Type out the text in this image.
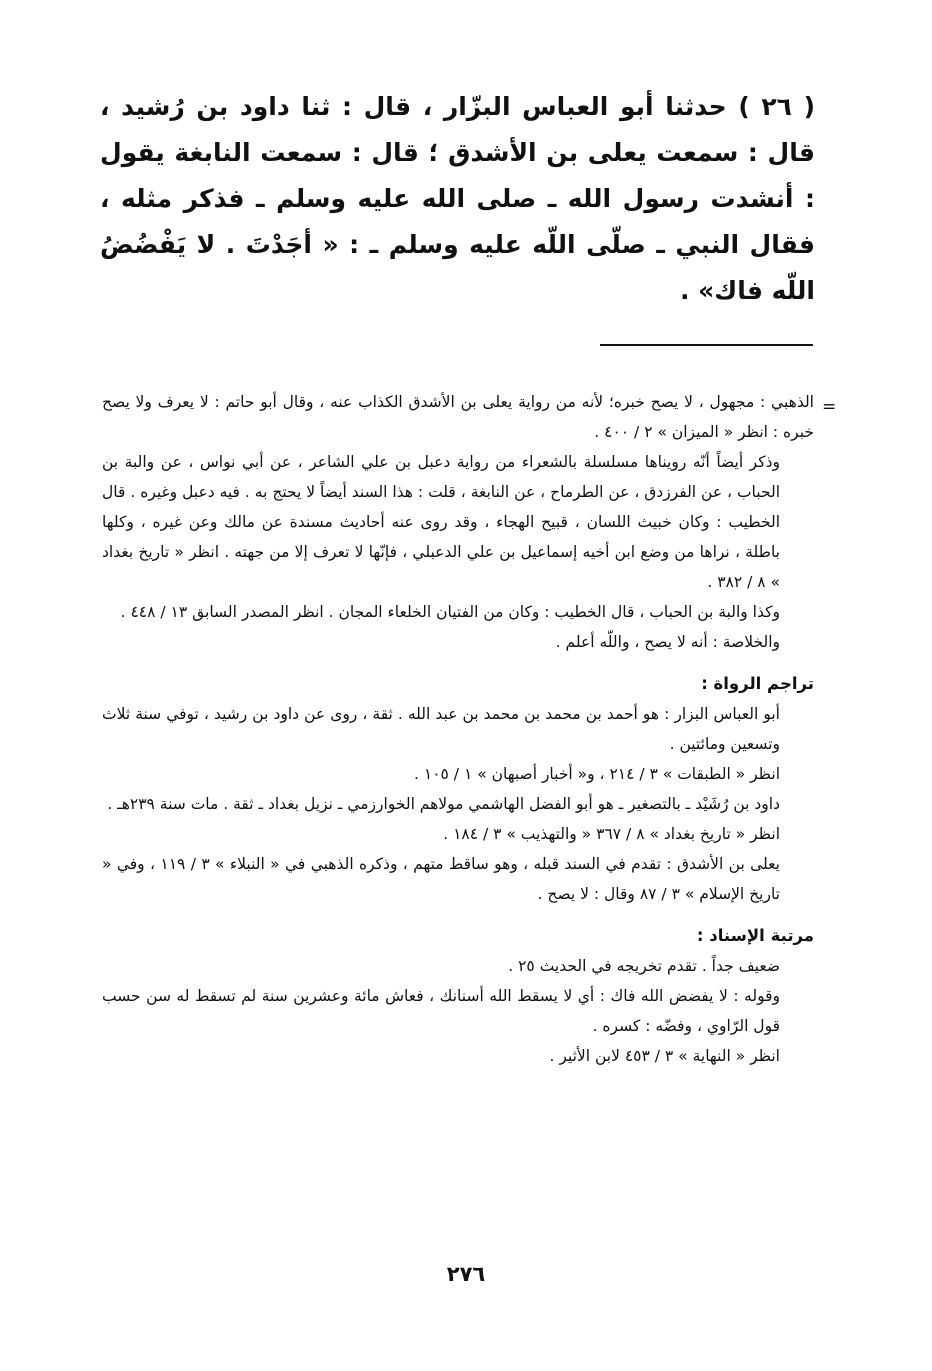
( ٢٦ ) حدثنا أبو العباس البزّار ، قال : ثنا داود بن رُشيد ، قال : سمعت يعلى بن الأشدق ؛ قال : سمعت النابغة يقول : أنشدت رسول الله ـ صلى الله عليه وسلم ـ فذكر مثله ، فقال النبي ـ صلّى اللّه عليه وسلم ـ : « أجَدْتَ . لا يَفْضُضُ اللّه فاك» .

=

الذهبي : مجهول ، لا يصح خبره؛ لأنه من رواية يعلى بن الأشدق الكذاب عنه ، وقال أبو حاتم : لا يعرف ولا يصح خبره : انظر « الميزان » ٢ / ٤٠٠ .

وذكر أيضاً أنّه رويناها مسلسلة بالشعراء من رواية دعبل بن علي الشاعر ، عن أبي نواس ، عن والبة بن الحباب ، عن الفرزدق ، عن الطرماح ، عن النابغة ، قلت : هذا السند أيضاً لا يحتج به . فيه دعبل وغيره . قال الخطيب : وكان خبيث اللسان ، قبيح الهجاء ، وقد روى عنه أحاديث مسندة عن مالك وعن غيره ، وكلها باطلة ، نراها من وضع ابن أخيه إسماعيل بن علي الدعبلي ، فإنّها لا تعرف إلا من جهته . انظر « تاريخ بغداد » ٨ / ٣٨٢ .

وكذا والبة بن الحباب ، قال الخطيب : وكان من الفتيان الخلعاء المجان . انظر المصدر السابق ١٣ / ٤٤٨ .

والخلاصة : أنه لا يصح ، واللّه أعلم .

تراجم الرواة :

أبو العباس البزار : هو أحمد بن محمد بن محمد بن عبد الله . ثقة ، روى عن داود بن رشيد ، توفي سنة ثلاث وتسعين ومائتين .

انظر « الطبقات » ٣ / ٢١٤ ، و« أخبار أصبهان » ١ / ١٠٥ .

داود بن رُشَيْد ـ بالتصغير ـ هو أبو الفضل الهاشمي مولاهم الخوارزمي ـ نزيل بغداد ـ ثقة . مات سنة ٢٣٩هـ .

انظر « تاريخ بغداد » ٨ / ٣٦٧ « والتهذيب » ٣ / ١٨٤ .

يعلى بن الأشدق : تقدم في السند قبله ، وهو ساقط متهم ، وذكره الذهبي في « النبلاء » ٣ / ١١٩ ، وفي « تاريخ الإسلام » ٣ / ٨٧ وقال : لا يصح .

مرتبة الإسناد :

ضعيف جداً . تقدم تخريجه في الحديث ٢٥ .

وقوله : لا يفضض الله فاك : أي لا يسقط الله أسنانك ، فعاش مائة وعشرين سنة لم تسقط له سن حسب قول الرّاوي ، وفضّه : كسره .

انظر « النهاية » ٣ / ٤٥٣ لابن الأثير .

٢٧٦
